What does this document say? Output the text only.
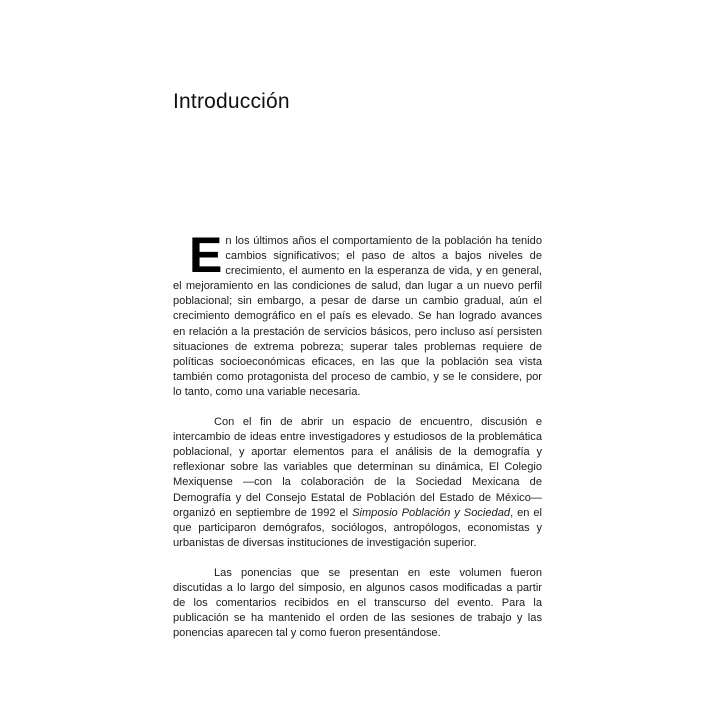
Introducción

En los últimos años el comportamiento de la población ha tenido cambios significativos; el paso de altos a bajos niveles de crecimiento, el aumento en la esperanza de vida, y en general, el mejoramiento en las condiciones de salud, dan lugar a un nuevo perfil poblacional; sin embargo, a pesar de darse un cambio gradual, aún el crecimiento demográfico en el país es elevado. Se han logrado avances en relación a la prestación de servicios básicos, pero incluso así persisten situaciones de extrema pobreza; superar tales problemas requiere de políticas socioeconómicas eficaces, en las que la población sea vista también como protagonista del proceso de cambio, y se le considere, por lo tanto, como una variable necesaria.

Con el fin de abrir un espacio de encuentro, discusión e intercambio de ideas entre investigadores y estudiosos de la problemática poblacional, y aportar elementos para el análisis de la demografía y reflexionar sobre las variables que determinan su dinámica, El Colegio Mexiquense —con la colaboración de la Sociedad Mexicana de Demografía y del Consejo Estatal de Población del Estado de México— organizó en septiembre de 1992 el Simposio Población y Sociedad, en el que participaron demógrafos, sociólogos, antropólogos, economistas y urbanistas de diversas instituciones de investigación superior.

Las ponencias que se presentan en este volumen fueron discutidas a lo largo del simposio, en algunos casos modificadas a partir de los comentarios recibidos en el transcurso del evento. Para la publicación se ha mantenido el orden de las sesiones de trabajo y las ponencias aparecen tal y como fueron presentándose.
